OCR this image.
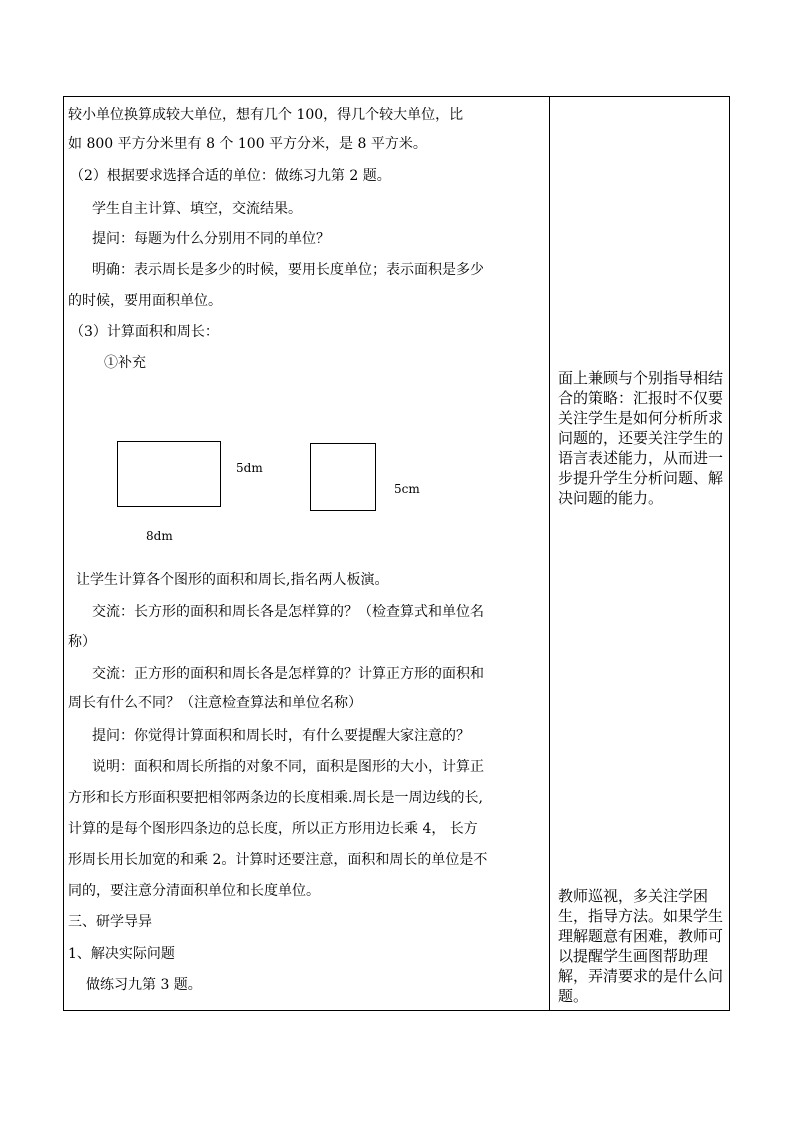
较小单位换算成较大单位，想有几个 100，得几个较大单位，比
如 800 平方分米里有 8 个 100 平方分米，是 8 平方米。
（2）根据要求选择合适的单位：做练习九第 2 题。
学生自主计算、填空，交流结果。
提问：每题为什么分别用不同的单位？
明确：表示周长是多少的时候，要用长度单位；表示面积是多少
的时候，要用面积单位。
（3）计算面积和周长：
①补充
5dm
5cm
8dm
让学生计算各个图形的面积和周长,指名两人板演。
交流：长方形的面积和周长各是怎样算的？（检查算式和单位名
称）
交流：正方形的面积和周长各是怎样算的？计算正方形的面积和
周长有什么不同？（注意检查算法和单位名称）
提问：你觉得计算面积和周长时，有什么要提醒大家注意的？
说明：面积和周长所指的对象不同，面积是图形的大小，计算正
方形和长方形面积要把相邻两条边的长度相乘.周长是一周边线的长,
计算的是每个图形四条边的总长度，所以正方形用边长乘 4， 长方
形周长用长加宽的和乘 2。计算时还要注意，面积和周长的单位是不
同的，要注意分清面积单位和长度单位。
三、研学导异
1、解决实际问题
做练习九第 3 题。
面上兼顾与个别指导相结合的策略：汇报时不仅要关注学生是如何分析所求问题的，还要关注学生的语言表述能力，从而进一步提升学生分析问题、解决问题的能力。
教师巡视，多关注学困生，指导方法。如果学生理解题意有困难，教师可以提醒学生画图帮助理解，弄清要求的是什么问题。
